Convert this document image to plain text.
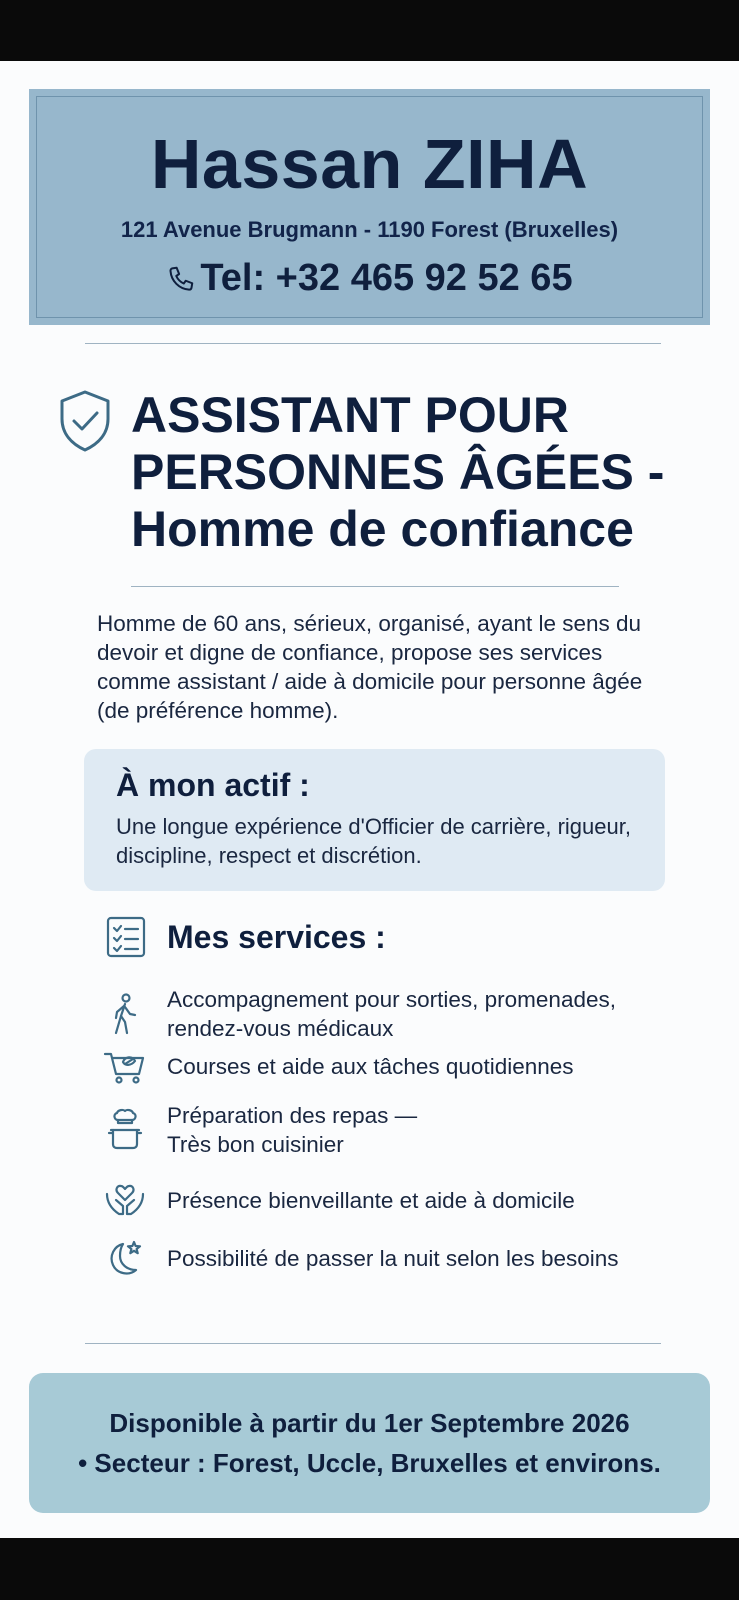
Hassan ZIHA
121 Avenue Brugmann - 1190 Forest (Bruxelles)
Tel: +32 465 92 52 65
ASSISTANT POUR
PERSONNES ÂGÉES -
Homme de confiance
Homme de 60 ans, sérieux, organisé, ayant le sens du devoir et digne de confiance, propose ses services comme assistant / aide à domicile pour personne âgée (de préférence homme).
À mon actif :
Une longue expérience d'Officier de carrière, rigueur, discipline, respect et discrétion.
Mes services :
Accompagnement pour sorties, promenades,
rendez-vous médicaux
Courses et aide aux tâches quotidiennes
Préparation des repas —
Très bon cuisinier
Présence bienveillante et aide à domicile
Possibilité de passer la nuit selon les besoins
Disponible à partir du 1er Septembre 2026
• Secteur : Forest, Uccle, Bruxelles et environs.
